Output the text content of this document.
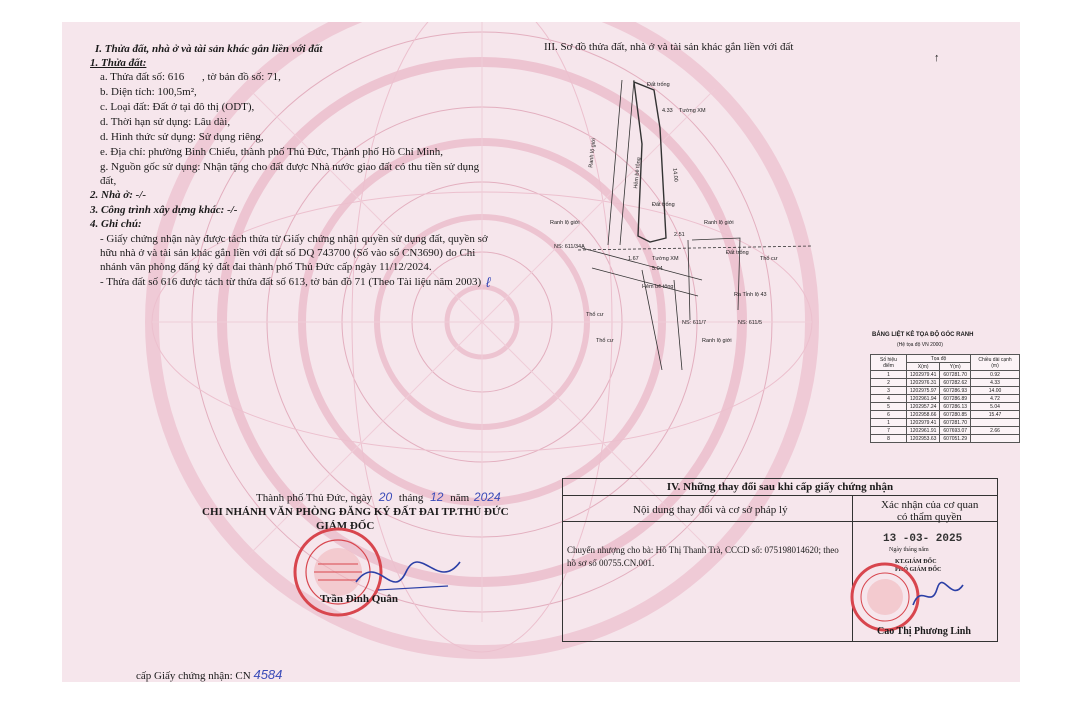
I. Thửa đất, nhà ở và tài sản khác gắn liền với đất
1. Thửa đất:
a. Thửa đất số: 616 , tờ bản đồ số: 71,
b. Diện tích: 100,5m²,
c. Loại đất: Đất ở tại đô thị (ODT),
d. Thời hạn sử dụng: Lâu dài,
d. Hình thức sử dụng: Sử dụng riêng,
e. Địa chỉ: phường Bình Chiểu, thành phố Thủ Đức, Thành phố Hồ Chí Minh,
g. Nguồn gốc sử dụng: Nhận tặng cho đất được Nhà nước giao đất có thu tiền sử dụng
đất,
2. Nhà ở: -/-
3. Công trình xây dựng khác: -/-
4. Ghi chú:
- Giấy chứng nhận này được tách thửa từ Giấy chứng nhận quyền sử dụng đất, quyền sở
hữu nhà ở và tài sản khác gắn liền với đất số DQ 743700 (Số vào sổ CN3690) do Chi
nhánh văn phòng đăng ký đất đai thành phố Thủ Đức cấp ngày 11/12/2024.
- Thửa đất số 616 được tách từ thửa đất số 613, tờ bản đồ 71 (Theo Tài liệu năm 2003) ℓ
Thành phố Thủ Đức, ngày 20 tháng 12 năm 2024
CHI NHÁNH VĂN PHÒNG ĐĂNG KÝ ĐẤT ĐAI TP.THỦ ĐỨC
GIÁM ĐỐC
Trần Đình Quân
cấp Giấy chứng nhận: CN 4584
III. Sơ đồ thửa đất, nhà ở và tài sản khác gắn liền với đất
↑
Đất trống
Tường XM
4.33
Ranh lộ giới
Hẻm bê tông	14.00
Đất trống
Ranh lộ giới	Ranh lộ giới
2.51
NS: 611/34A
Đất trống
Thổ cư
1.67 Tường XM
5.04
Hẻm bê tông
Ra Tỉnh lộ 43
Thổ cư
NS: 611/7	NS: 611/5
Thổ cư	Ranh lộ giới
BẢNG LIỆT KÊ TỌA ĐỘ GÓC RANH
(Hệ tọa độ VN 2000)
Số hiệu điểm	Tọa độ		Chiều dài cạnh (m)
	X(m)	Y(m)	
1	1202979.41	607281.70	0.92
2	1202976.31	607282.62	4.33
3	1202975.97	607286.93	14.00
4	1202961.94	607286.89	4.72
5	1202957.24	607286.13	5.04
6	1202958.66	607280.85	15.47
1	1202979.41	607281.70	
7	1202961.91	607693.07	2.66
8	1202953.63	607051.29	
IV. Những thay đổi sau khi cấp giấy chứng nhận
Nội dung thay đổi và cơ sở pháp lý	Xác nhận của cơ quan
có thẩm quyền
Chuyển nhượng cho bà: Hồ Thị Thanh Trà, CCCD số: 075198014620; theo
hồ sơ số 00755.CN.001.
13 -03- 2025
Ngày tháng năm
KT.GIÁM ĐỐC
PHÓ GIÁM ĐỐC
Cao Thị Phương Linh
